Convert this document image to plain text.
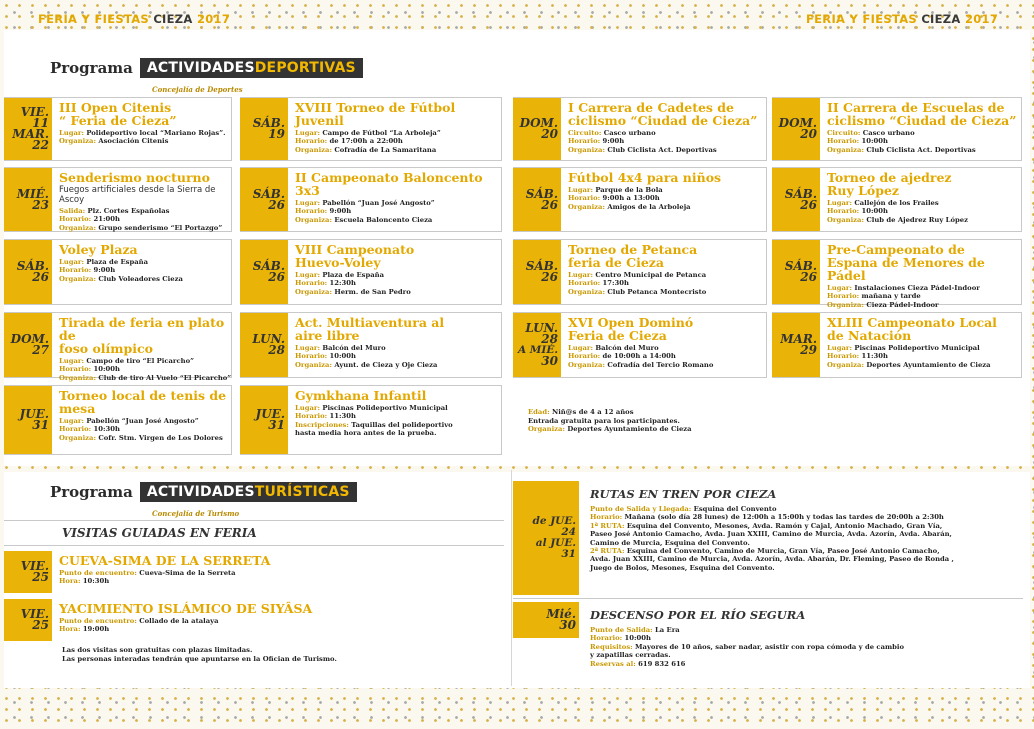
FERIA Y FIESTAS CIEZA 2017	FERIA Y FIESTAS CIEZA 2017
Programa	ACTIVIDADESDEPORTIVAS
Concejalía de Deportes
VIE.
11
MAR.
22
III Open Citenis
“ Feria de Cieza”
Lugar: Polideportivo local “Mariano Rojas”.
Organiza: Asociación Citenis
MIÉ.
23
Senderismo nocturno
Fuegos artificiales desde la Sierra de Ascoy
Salida: Plz. Cortes Españolas
Horario: 21:00h
Organiza: Grupo senderismo “El Portazgo”
SÁB.
26
Voley Plaza
Lugar: Plaza de España
Horario: 9:00h
Organiza: Club Voleadores Cieza
DOM.
27
Tirada de feria en plato de
foso olímpico
Lugar: Campo de tiro “El Picarcho”
Horario: 10:00h
Organiza: Club de tiro Al Vuelo “El Picarcho”
JUE.
31
Torneo local de tenis de
mesa
Lugar: Pabellón “Juan José Angosto”
Horario: 10:30h
Organiza: Cofr. Stm. Virgen de Los Dolores
SÁB.
19
XVIII Torneo de Fútbol
Juvenil
Lugar: Campo de Fútbol “La Arboleja”
Horario: de 17:00h a 22:00h
Organiza: Cofradía de La Samaritana
SÁB.
26
II Campeonato Baloncento
3x3
Lugar: Pabellón “Juan José Angosto”
Horario: 9:00h
Organiza: Escuela Baloncento Cieza
SÁB.
26
VIII Campeonato
Huevo-Voley
Lugar: Plaza de España
Horario: 12:30h
Organiza: Herm. de San Pedro
LUN.
28
Act. Multiaventura al
aire libre
Lugar: Balcón del Muro
Horario: 10:00h
Organiza: Ayunt. de Cieza y Oje Cieza
JUE.
31
Gymkhana Infantil
Lugar: Piscinas Polideportivo Municipal
Horario: 11:30h
Inscripciones: Taquillas del polideportivo
hasta media hora antes de la prueba.
DOM.
20
I Carrera de Cadetes de
ciclismo “Ciudad de Cieza”
Circuito: Casco urbano
Horario: 9:00h
Organiza: Club Ciclista Act. Deportivas
SÁB.
26
Fútbol 4x4 para niños
Lugar: Parque de la Bola
Horario: 9:00h a 13:00h
Organiza: Amigos de la Arboleja
SÁB.
26
Torneo de Petanca
feria de Cieza
Lugar: Centro Municipal de Petanca
Horario: 17:30h
Organiza: Club Petanca Montecristo
LUN.
28
A MIÉ.
30
XVI Open Dominó
Feria de Cieza
Lugar: Balcón del Muro
Horario: de 10:00h a 14:00h
Organiza: Cofradía del Tercio Romano
DOM.
20
II Carrera de Escuelas de
ciclismo “Ciudad de Cieza”
Circuito: Casco urbano
Horario: 10:00h
Organiza: Club Ciclista Act. Deportivas
SÁB.
26
Torneo de ajedrez
Ruy López
Lugar: Callejón de los Frailes
Horario: 10:00h
Organiza: Club de Ajedrez Ruy López
SÁB.
26
Pre-Campeonato de
Espana de Menores de Pádel
Lugar: Instalaciones Cieza Pádel-Indoor
Horario: mañana y tarde
Organiza: Cieza Pádel-Indoor
MAR.
29
XLIII Campeonato Local
de Natación
Lugar: Piscinas Polideportivo Municipal
Horario: 11:30h
Organiza: Deportes Ayuntamiento de Cieza
Edad: Niñ@s de 4 a 12 años
Entrada gratuita para los participantes.
Organiza: Deportes Ayuntamiento de Cieza
Programa	ACTIVIDADESTURÍSTICAS
Concejalía de Turismo
VISITAS GUIADAS EN FERIA
VIE.
25
CUEVA-SIMA DE LA SERRETA
Punto de encuentro: Cueva-Sima de la Serreta
Hora: 10:30h
VIE.
25
YACIMIENTO ISLÁMICO DE SIYÂSA
Punto de encuentro: Collado de la atalaya
Hora: 19:00h
Las dos visitas son gratuitas con plazas limitadas.
Las personas interadas tendrán que apuntarse en la Ofician de Turismo.
de JUE.
24
al JUE.
31
RUTAS EN TREN POR CIEZA
Punto de Salida y Llegada: Esquina del Convento
Horario: Mañana (solo día 28 lunes) de 12:00h a 15:00h y todas las tardes de 20:00h a 2:30h
1ª RUTA: Esquina del Convento, Mesones, Avda. Ramón y Cajal, Antonio Machado, Gran Vía,
Paseo José Antonio Camacho, Avda. Juan XXIII, Camino de Murcia, Avda. Azorín, Avda. Abarán,
Camino de Murcia, Esquina del Convento.
2ª RUTA: Esquina del Convento, Camino de Murcia, Gran Vía, Paseo José Antonio Camacho,
Avda. Juan XXIII, Camino de Murcia, Avda. Azorín, Avda. Abarán, Dr. Fleming, Paseo de Ronda ,
Juego de Bolos, Mesones, Esquina del Convento.
Mié.
30
DESCENSO POR EL RÍO SEGURA
Punto de Salida: La Era
Horario: 10:00h
Requisitos: Mayores de 10 años, saber nadar, asistir con ropa cómoda y de cambio
y zapatillas cerradas.
Reservas al: 619 832 616
